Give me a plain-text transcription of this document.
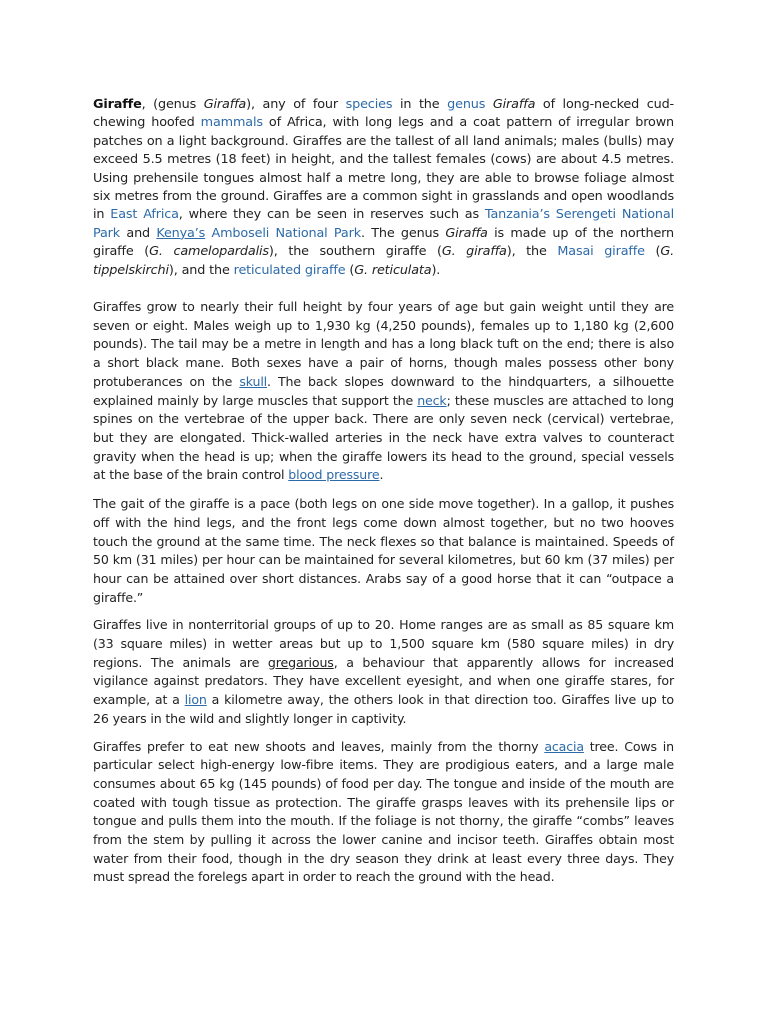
Giraffe, (genus Giraffa), any of four species in the genus Giraffa of long-necked cud-chewing hoofed mammals of Africa, with long legs and a coat pattern of irregular brown patches on a light background. Giraffes are the tallest of all land animals; males (bulls) may exceed 5.5 metres (18 feet) in height, and the tallest females (cows) are about 4.5 metres. Using prehensile tongues almost half a metre long, they are able to browse foliage almost six metres from the ground. Giraffes are a common sight in grasslands and open woodlands in East Africa, where they can be seen in reserves such as Tanzania’s Serengeti National Park and Kenya’s Amboseli National Park. The genus Giraffa is made up of the northern giraffe (G. camelopardalis), the southern giraffe (G. giraffa), the Masai giraffe (G. tippelskirchi), and the reticulated giraffe (G. reticulata).

Giraffes grow to nearly their full height by four years of age but gain weight until they are seven or eight. Males weigh up to 1,930 kg (4,250 pounds), females up to 1,180 kg (2,600 pounds). The tail may be a metre in length and has a long black tuft on the end; there is also a short black mane. Both sexes have a pair of horns, though males possess other bony protuberances on the skull. The back slopes downward to the hindquarters, a silhouette explained mainly by large muscles that support the neck; these muscles are attached to long spines on the vertebrae of the upper back. There are only seven neck (cervical) vertebrae, but they are elongated. Thick-walled arteries in the neck have extra valves to counteract gravity when the head is up; when the giraffe lowers its head to the ground, special vessels at the base of the brain control blood pressure.

The gait of the giraffe is a pace (both legs on one side move together). In a gallop, it pushes off with the hind legs, and the front legs come down almost together, but no two hooves touch the ground at the same time. The neck flexes so that balance is maintained. Speeds of 50 km (31 miles) per hour can be maintained for several kilometres, but 60 km (37 miles) per hour can be attained over short distances. Arabs say of a good horse that it can “outpace a giraffe.”

Giraffes live in nonterritorial groups of up to 20. Home ranges are as small as 85 square km (33 square miles) in wetter areas but up to 1,500 square km (580 square miles) in dry regions. The animals are gregarious, a behaviour that apparently allows for increased vigilance against predators. They have excellent eyesight, and when one giraffe stares, for example, at a lion a kilometre away, the others look in that direction too. Giraffes live up to 26 years in the wild and slightly longer in captivity.

Giraffes prefer to eat new shoots and leaves, mainly from the thorny acacia tree. Cows in particular select high-energy low-fibre items. They are prodigious eaters, and a large male consumes about 65 kg (145 pounds) of food per day. The tongue and inside of the mouth are coated with tough tissue as protection. The giraffe grasps leaves with its prehensile lips or tongue and pulls them into the mouth. If the foliage is not thorny, the giraffe “combs” leaves from the stem by pulling it across the lower canine and incisor teeth. Giraffes obtain most water from their food, though in the dry season they drink at least every three days. They must spread the forelegs apart in order to reach the ground with the head.
